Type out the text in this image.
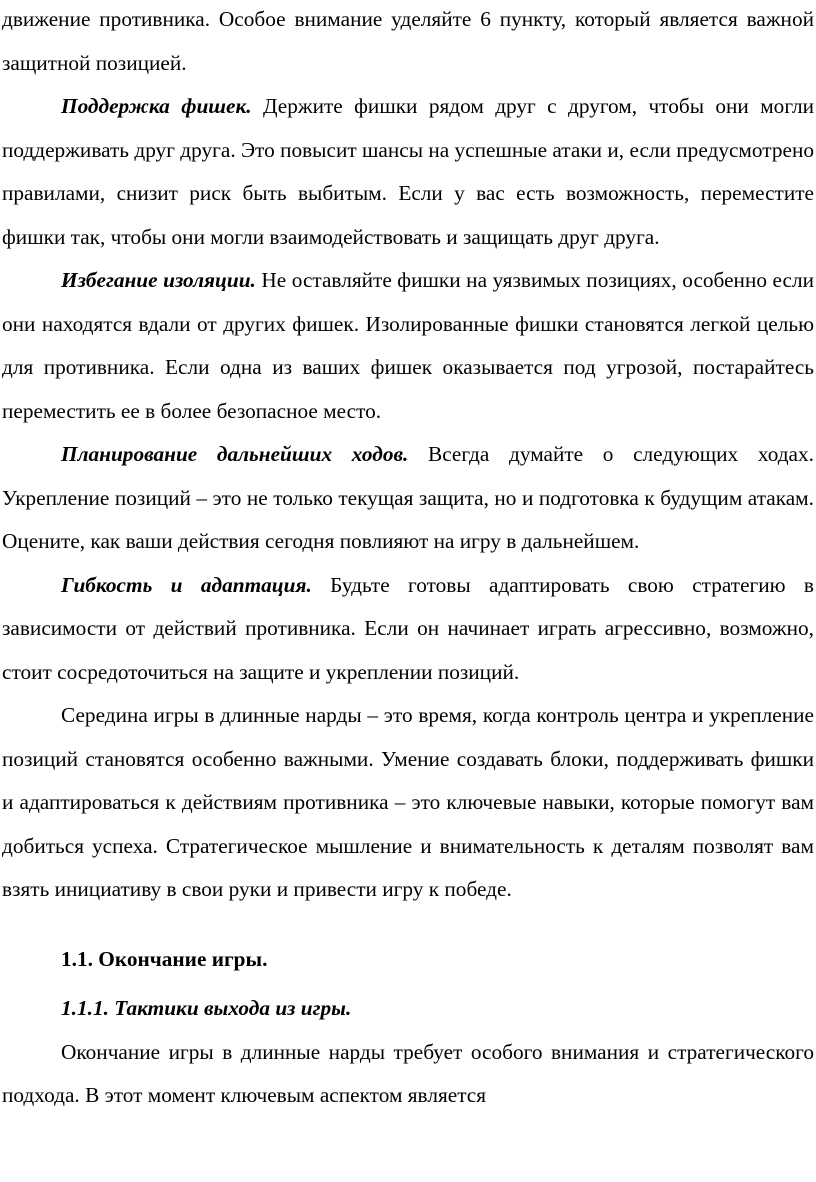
движение противника. Особое внимание уделяйте 6 пункту, который является важной защитной позицией.

Поддержка фишек. Держите фишки рядом друг с другом, чтобы они могли поддерживать друг друга. Это повысит шансы на успешные атаки и, если предусмотрено правилами, снизит риск быть выбитым. Если у вас есть возможность, переместите фишки так, чтобы они могли взаимодействовать и защищать друг друга.

Избегание изоляции. Не оставляйте фишки на уязвимых позициях, особенно если они находятся вдали от других фишек. Изолированные фишки становятся легкой целью для противника. Если одна из ваших фишек оказывается под угрозой, постарайтесь переместить ее в более безопасное место.

Планирование дальнейших ходов. Всегда думайте о следующих ходах. Укрепление позиций – это не только текущая защита, но и подготовка к будущим атакам. Оцените, как ваши действия сегодня повлияют на игру в дальнейшем.

Гибкость и адаптация. Будьте готовы адаптировать свою стратегию в зависимости от действий противника. Если он начинает играть агрессивно, возможно, стоит сосредоточиться на защите и укреплении позиций.

Середина игры в длинные нарды – это время, когда контроль центра и укрепление позиций становятся особенно важными. Умение создавать блоки, поддерживать фишки и адаптироваться к действиям противника – это ключевые навыки, которые помогут вам добиться успеха. Стратегическое мышление и внимательность к деталям позволят вам взять инициативу в свои руки и привести игру к победе.

1.1. Окончание игры.

1.1.1. Тактики выхода из игры.

Окончание игры в длинные нарды требует особого внимания и стратегического подхода. В этот момент ключевым аспектом является
